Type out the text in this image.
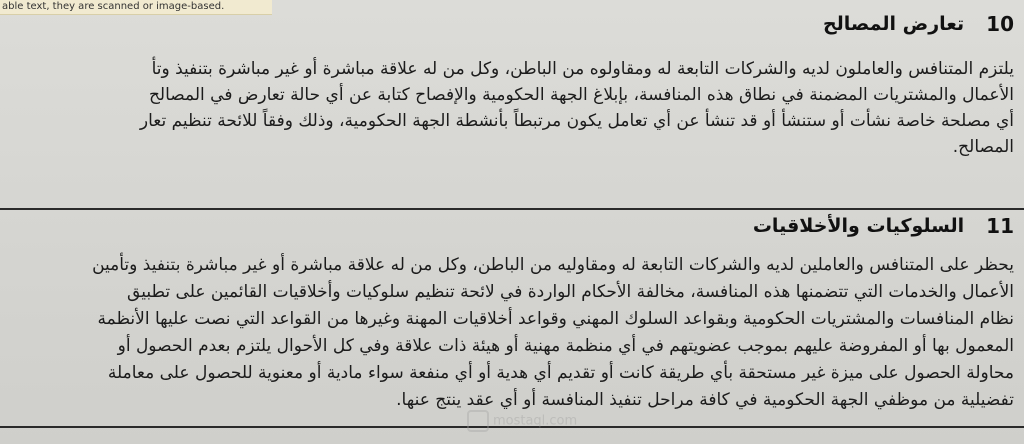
able text, they are scanned or image-based.
10
تعارض المصالح
يلتزم المتنافس والعاملون لديه والشركات التابعة له ومقاولوه من الباطن، وكل من له علاقة مباشرة أو غير مباشرة بتنفيذ وتأ
الأعمال والمشتريات المضمنة في نطاق هذه المنافسة، بإبلاغ الجهة الحكومية والإفصاح كتابة عن أي حالة تعارض في المصالح
أي مصلحة خاصة نشأت أو ستنشأ أو قد تنشأ عن أي تعامل يكون مرتبطاً بأنشطة الجهة الحكومية، وذلك وفقاً للائحة تنظيم تعار
المصالح.
11
السلوكيات والأخلاقيات
يحظر على المتنافس والعاملين لديه والشركات التابعة له ومقاوليه من الباطن، وكل من له علاقة مباشرة أو غير مباشرة بتنفيذ وتأمين
الأعمال والخدمات التي تتضمنها هذه المنافسة، مخالفة الأحكام الواردة في لائحة تنظيم سلوكيات وأخلاقيات القائمين على تطبيق
نظام المنافسات والمشتريات الحكومية وبقواعد السلوك المهني وقواعد أخلاقيات المهنة وغيرها من القواعد التي نصت عليها الأنظمة
المعمول بها أو المفروضة عليهم بموجب عضويتهم في أي منظمة مهنية أو هيئة ذات علاقة وفي كل الأحوال يلتزم بعدم الحصول أو
محاولة الحصول على ميزة غير مستحقة بأي طريقة كانت أو تقديم أي هدية أو أي منفعة سواء مادية أو معنوية للحصول على معاملة
تفضيلية من موظفي الجهة الحكومية في كافة مراحل تنفيذ المنافسة أو أي عقد ينتج عنها.
mostaql.com
